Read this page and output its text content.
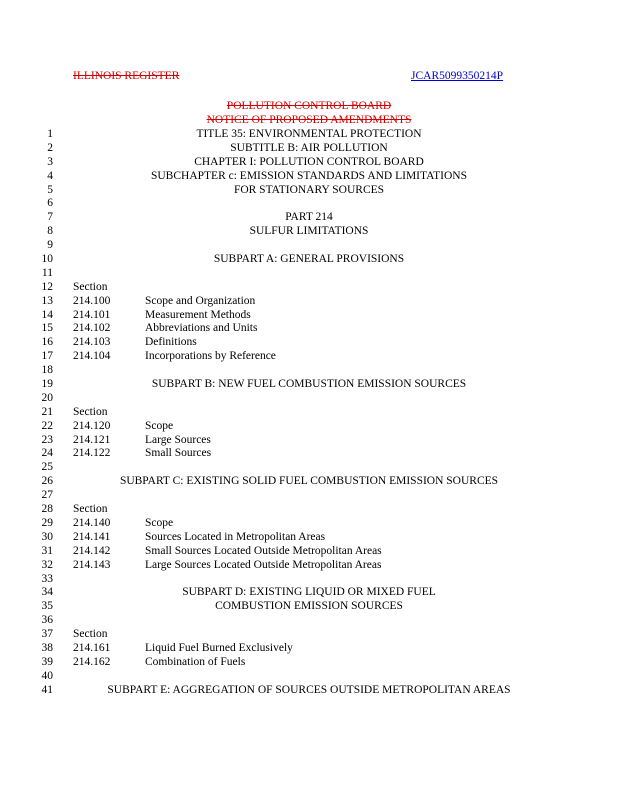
ILLINOIS REGISTER	JCAR5099350214P
POLLUTION CONTROL BOARD
NOTICE OF PROPOSED AMENDMENTS
1	TITLE 35: ENVIRONMENTAL PROTECTION
2	SUBTITLE B: AIR POLLUTION
3	CHAPTER I: POLLUTION CONTROL BOARD
4	SUBCHAPTER c: EMISSION STANDARDS AND LIMITATIONS
5	FOR STATIONARY SOURCES
6
7	PART 214
8	SULFUR LIMITATIONS
9
10	SUBPART A: GENERAL PROVISIONS
11
12 Section
13 214.100	Scope and Organization
14 214.101	Measurement Methods
15 214.102	Abbreviations and Units
16 214.103	Definitions
17 214.104	Incorporations by Reference
18
19	SUBPART B: NEW FUEL COMBUSTION EMISSION SOURCES
20
21 Section
22 214.120	Scope
23 214.121	Large Sources
24 214.122	Small Sources
25
26	SUBPART C: EXISTING SOLID FUEL COMBUSTION EMISSION SOURCES
27
28 Section
29 214.140	Scope
30 214.141	Sources Located in Metropolitan Areas
31 214.142	Small Sources Located Outside Metropolitan Areas
32 214.143	Large Sources Located Outside Metropolitan Areas
33
34	SUBPART D: EXISTING LIQUID OR MIXED FUEL
35	COMBUSTION EMISSION SOURCES
36
37 Section
38 214.161	Liquid Fuel Burned Exclusively
39 214.162	Combination of Fuels
40
41	SUBPART E: AGGREGATION OF SOURCES OUTSIDE METROPOLITAN AREAS
